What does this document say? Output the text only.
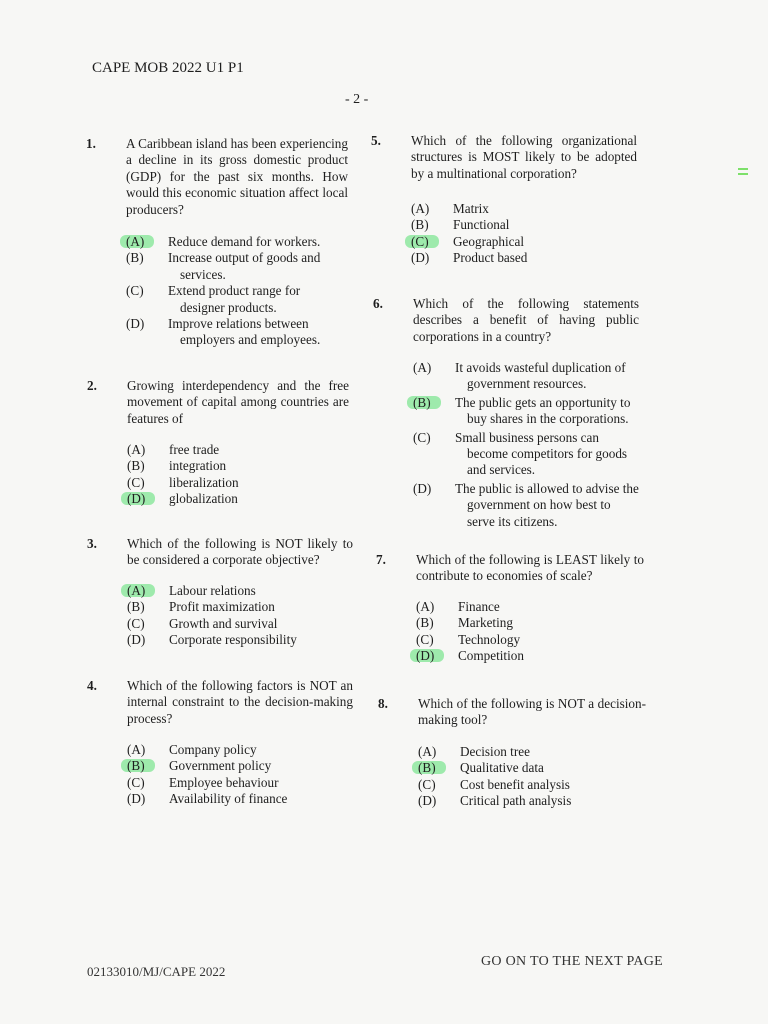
CAPE MOB 2022 U1 P1
- 2 -
1. A Caribbean island has been experiencing a decline in its gross domestic product (GDP) for the past six months. How would this economic situation affect local producers?
(A)	Reduce demand for workers.
(B)	Increase output of goods and services.
(C)	Extend product range for designer products.
(D)	Improve relations between employers and employees.
2. Growing interdependency and the free movement of capital among countries are features of
(A)	free trade
(B)	integration
(C)	liberalization
(D)	globalization
3. Which of the following is NOT likely to be considered a corporate objective?
(A)	Labour relations
(B)	Profit maximization
(C)	Growth and survival
(D)	Corporate responsibility
4. Which of the following factors is NOT an internal constraint to the decision-making process?
(A)	Company policy
(B)	Government policy
(C)	Employee behaviour
(D)	Availability of finance
5. Which of the following organizational structures is MOST likely to be adopted by a multinational corporation?
(A)	Matrix
(B)	Functional
(C)	Geographical
(D)	Product based
6. Which of the following statements describes a benefit of having public corporations in a country?
(A)	It avoids wasteful duplication of government resources.
(B)	The public gets an opportunity to buy shares in the corporations.
(C)	Small business persons can become competitors for goods and services.
(D)	The public is allowed to advise the government on how best to serve its citizens.
7. Which of the following is LEAST likely to contribute to economies of scale?
(A)	Finance
(B)	Marketing
(C)	Technology
(D)	Competition
8. Which of the following is NOT a decision-making tool?
(A)	Decision tree
(B)	Qualitative data
(C)	Cost benefit analysis
(D)	Critical path analysis
02133010/MJ/CAPE 2022
GO ON TO THE NEXT PAGE
